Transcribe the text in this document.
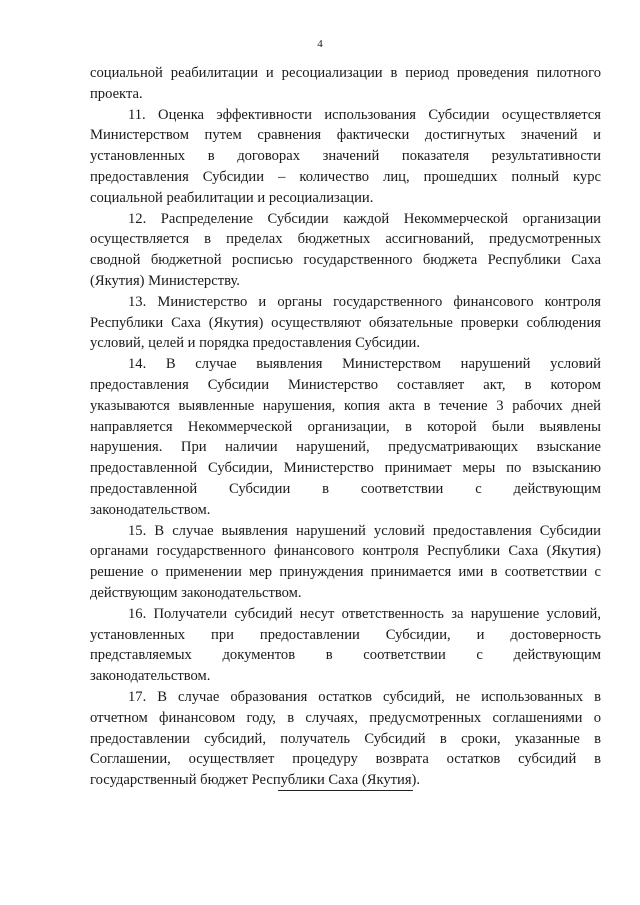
4
социальной реабилитации и ресоциализации в период проведения пилотного
проекта.
11. Оценка эффективности использования Субсидии осуществляется
Министерством путем сравнения фактически достигнутых значений и
установленных в договорах значений показателя результативности
предоставления Субсидии – количество лиц, прошедших полный курс
социальной реабилитации и ресоциализации.
12. Распределение Субсидии каждой Некоммерческой организации
осуществляется в пределах бюджетных ассигнований, предусмотренных
сводной бюджетной росписью государственного бюджета Республики Саха
(Якутия) Министерству.
13. Министерство и органы государственного финансового контроля
Республики Саха (Якутия) осуществляют обязательные проверки соблюдения
условий, целей и порядка предоставления Субсидии.
14. В случае выявления Министерством нарушений условий
предоставления Субсидии Министерство составляет акт, в котором
указываются выявленные нарушения, копия акта в течение 3 рабочих дней
направляется Некоммерческой организации, в которой были выявлены
нарушения. При наличии нарушений, предусматривающих взыскание
предоставленной Субсидии, Министерство принимает меры по взысканию
предоставленной Субсидии в соответствии с действующим
законодательством.
15. В случае выявления нарушений условий предоставления Субсидии
органами государственного финансового контроля Республики Саха (Якутия)
решение о применении мер принуждения принимается ими в соответствии с
действующим законодательством.
16. Получатели субсидий несут ответственность за нарушение условий,
установленных при предоставлении Субсидии, и достоверность
представляемых документов в соответствии с действующим
законодательством.
17. В случае образования остатков субсидий, не использованных в
отчетном финансовом году, в случаях, предусмотренных соглашениями о
предоставлении субсидий, получатель Субсидий в сроки, указанные в
Соглашении, осуществляет процедуру возврата остатков субсидий в
государственный бюджет Республики Саха (Якутия).
